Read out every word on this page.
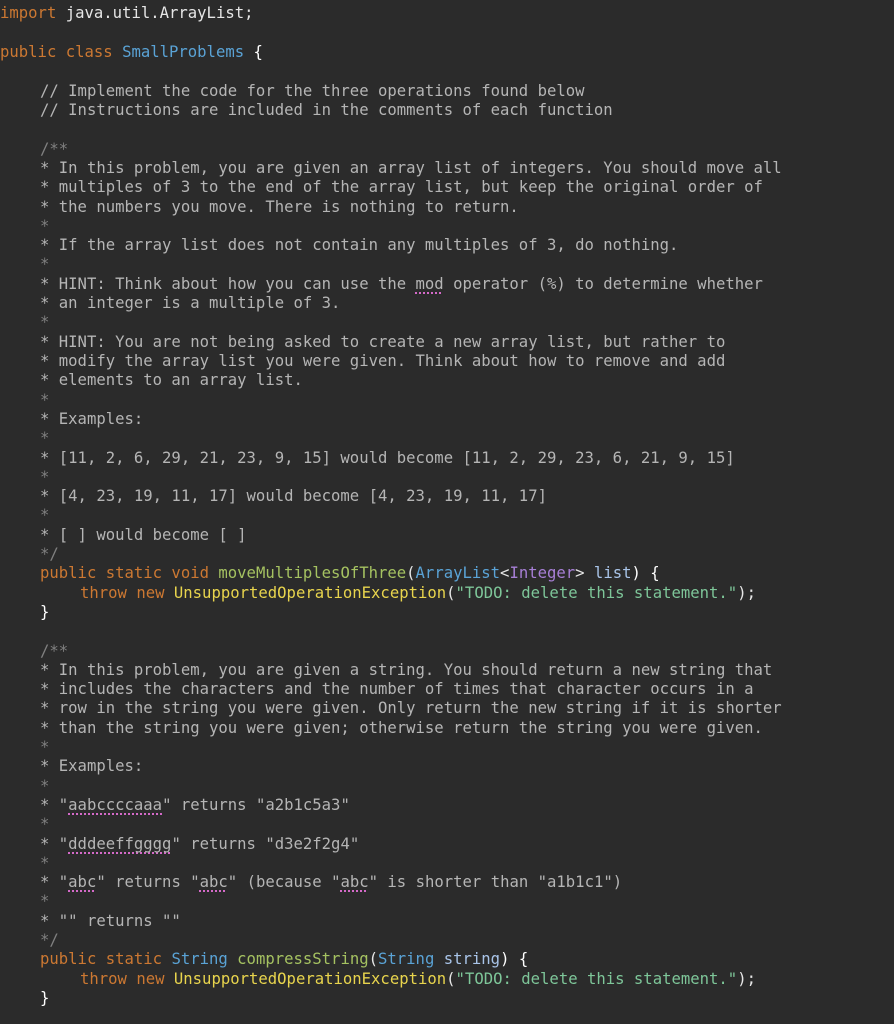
import java.util.ArrayList;
public class SmallProblems {
// Implement the code for the three operations found below
// Instructions are included in the comments of each function
/**
* In this problem, you are given an array list of integers. You should move all
* multiples of 3 to the end of the array list, but keep the original order of
* the numbers you move. There is nothing to return.
*
* If the array list does not contain any multiples of 3, do nothing.
*
* HINT: Think about how you can use the mod operator (%) to determine whether
* an integer is a multiple of 3.
*
* HINT: You are not being asked to create a new array list, but rather to
* modify the array list you were given. Think about how to remove and add
* elements to an array list.
*
* Examples:
*
* [11, 2, 6, 29, 21, 23, 9, 15] would become [11, 2, 29, 23, 6, 21, 9, 15]
*
* [4, 23, 19, 11, 17] would become [4, 23, 19, 11, 17]
*
* [ ] would become [ ]
*/
public static void moveMultiplesOfThree(ArrayList<Integer> list) {
throw new UnsupportedOperationException("TODO: delete this statement.");
}
/**
* In this problem, you are given a string. You should return a new string that
* includes the characters and the number of times that character occurs in a
* row in the string you were given. Only return the new string if it is shorter
* than the string you were given; otherwise return the string you were given.
*
* Examples:
*
* "aabccccaaa" returns "a2b1c5a3"
*
* "dddeeffgggg" returns "d3e2f2g4"
*
* "abc" returns "abc" (because "abc" is shorter than "a1b1c1")
*
* "" returns ""
*/
public static String compressString(String string) {
throw new UnsupportedOperationException("TODO: delete this statement.");
}
